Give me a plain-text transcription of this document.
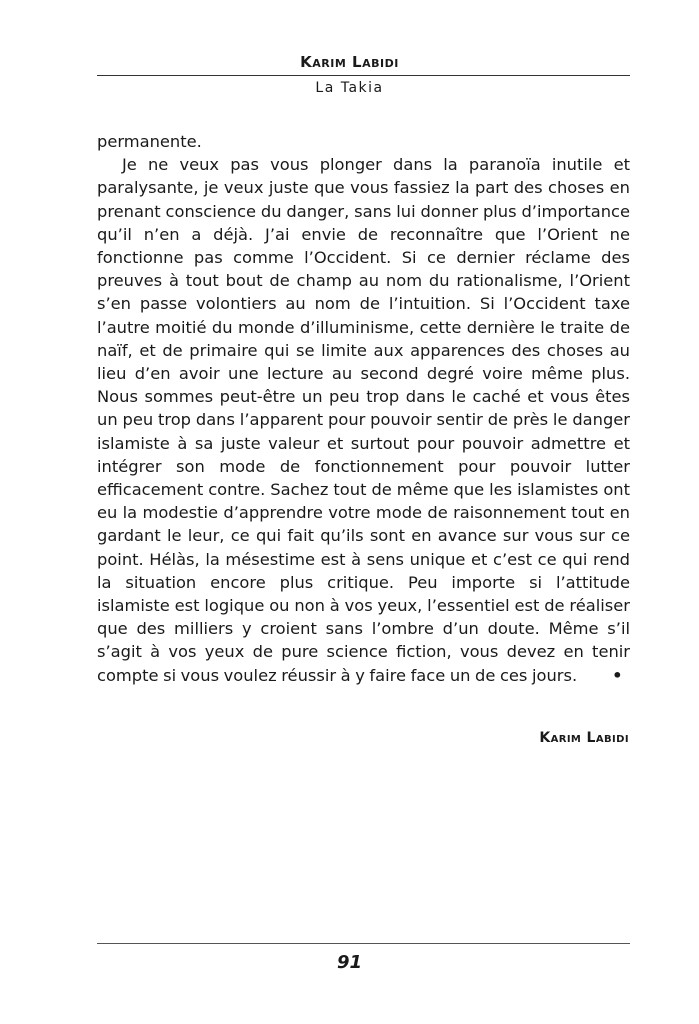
Karim Labidi
La Takia

permanente.

Je ne veux pas vous plonger dans la paranoïa inutile et paralysante, je veux juste que vous fassiez la part des choses en prenant conscience du danger, sans lui donner plus d’importance qu’il n’en a déjà. J’ai envie de reconnaître que l’Orient ne fonctionne pas comme l’Occident. Si ce dernier réclame des preuves à tout bout de champ au nom du rationalisme, l’Orient s’en passe volontiers au nom de l’intuition. Si l’Occident taxe l’autre moitié du monde d’illuminisme, cette dernière le traite de naïf, et de primaire qui se limite aux apparences des choses au lieu d’en avoir une lecture au second degré voire même plus. Nous sommes peut-être un peu trop dans le caché et vous êtes un peu trop dans l’apparent pour pouvoir sentir de près le danger islamiste à sa juste valeur et surtout pour pouvoir admettre et intégrer son mode de fonctionnement pour pouvoir lutter efficacement contre. Sachez tout de même que les islamistes ont eu la modestie d’apprendre votre mode de raisonnement tout en gardant le leur, ce qui fait qu’ils sont en avance sur vous sur ce point. Hélàs, la mésestime est à sens unique et c’est ce qui rend la situation encore plus critique. Peu importe si l’attitude islamiste est logique ou non à vos yeux, l’essentiel est de réaliser que des milliers y croient sans l’ombre d’un doute. Même s’il s’agit à vos yeux de pure science fiction, vous devez en tenir compte si vous voulez réussir à y faire face un de ces jours. •

Karim Labidi
91
